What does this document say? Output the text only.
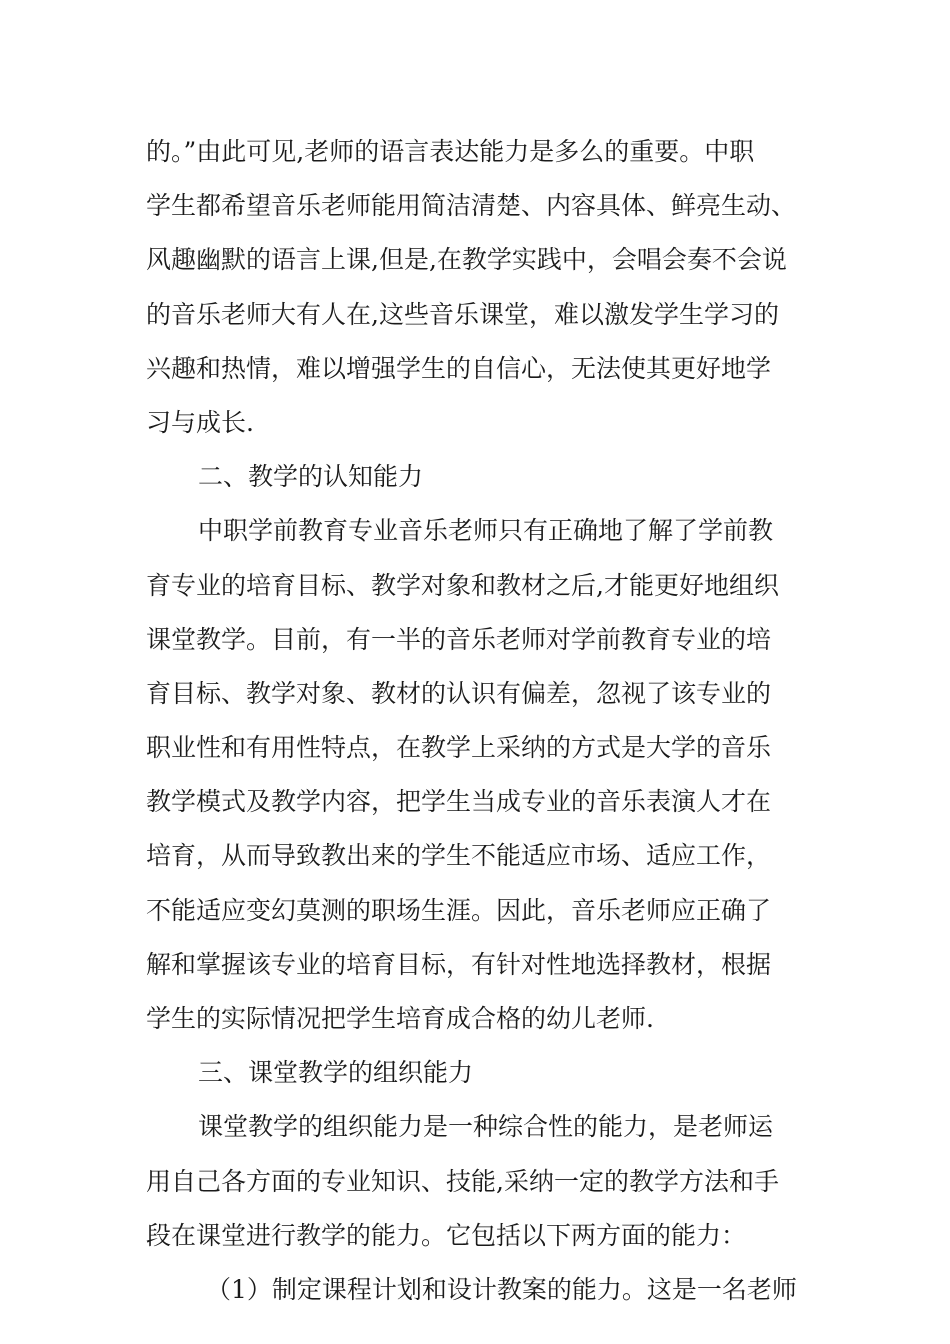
的。”由此可见,老师的语言表达能力是多么的重要。中职
学生都希望音乐老师能用简洁清楚、内容具体、鲜亮生动、
风趣幽默的语言上课,但是,在教学实践中，会唱会奏不会说
的音乐老师大有人在,这些音乐课堂，难以激发学生学习的
兴趣和热情，难以增强学生的自信心，无法使其更好地学
习与成长.
二、教学的认知能力
中职学前教育专业音乐老师只有正确地了解了学前教
育专业的培育目标、教学对象和教材之后,才能更好地组织
课堂教学。目前，有一半的音乐老师对学前教育专业的培
育目标、教学对象、教材的认识有偏差，忽视了该专业的
职业性和有用性特点，在教学上采纳的方式是大学的音乐
教学模式及教学内容，把学生当成专业的音乐表演人才在
培育，从而导致教出来的学生不能适应市场、适应工作，
不能适应变幻莫测的职场生涯。因此，音乐老师应正确了
解和掌握该专业的培育目标，有针对性地选择教材，根据
学生的实际情况把学生培育成合格的幼儿老师.
三、课堂教学的组织能力
课堂教学的组织能力是一种综合性的能力，是老师运
用自己各方面的专业知识、技能,采纳一定的教学方法和手
段在课堂进行教学的能力。它包括以下两方面的能力：
（1）制定课程计划和设计教案的能力。这是一名老师
